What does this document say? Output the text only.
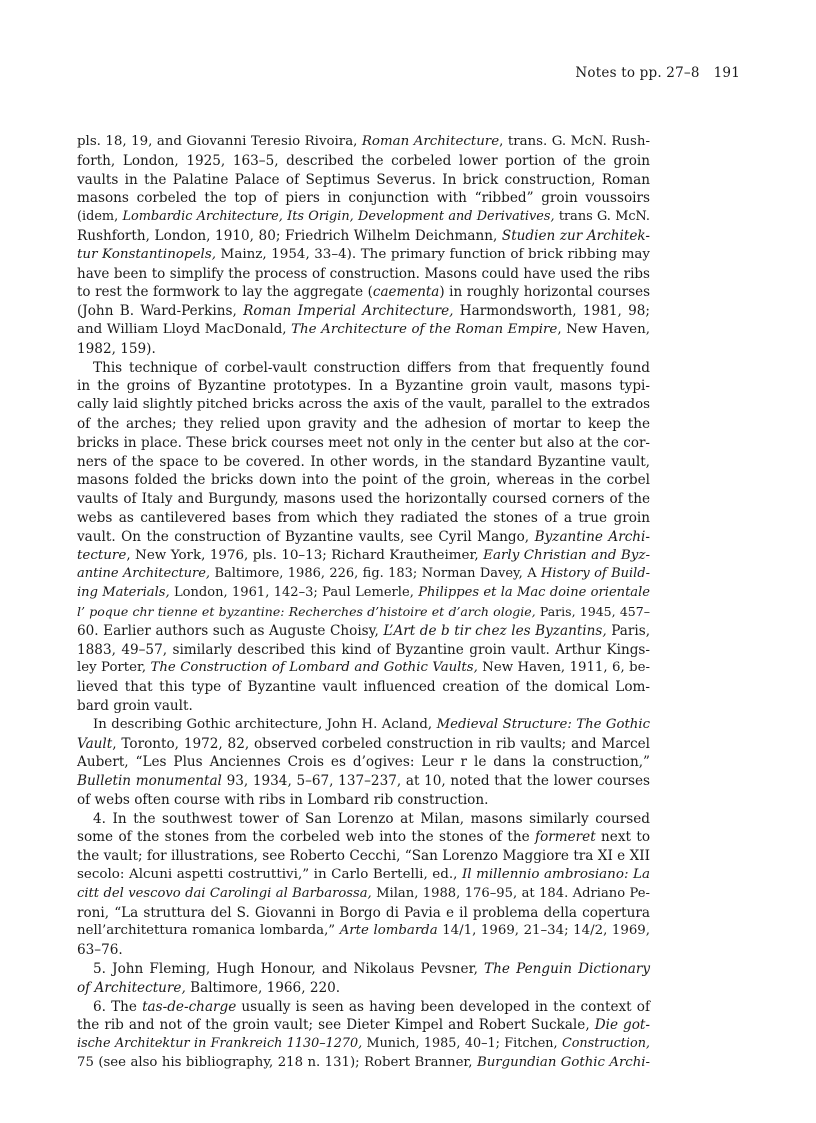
Notes to pp. 27–8 191
pls. 18, 19, and Giovanni Teresio Rivoira, Roman Architecture, trans. G. McN. Rush-
forth, London, 1925, 163–5, described the corbeled lower portion of the groin
vaults in the Palatine Palace of Septimus Severus. In brick construction, Roman
masons corbeled the top of piers in conjunction with “ribbed” groin voussoirs
(idem, Lombardic Architecture, Its Origin, Development and Derivatives, trans G. McN.
Rushforth, London, 1910, 80; Friedrich Wilhelm Deichmann, Studien zur Architek-
tur Konstantinopels, Mainz, 1954, 33–4). The primary function of brick ribbing may
have been to simplify the process of construction. Masons could have used the ribs
to rest the formwork to lay the aggregate (caementa) in roughly horizontal courses
(John B. Ward-Perkins, Roman Imperial Architecture, Harmondsworth, 1981, 98;
and William Lloyd MacDonald, The Architecture of the Roman Empire, New Haven,
1982, 159).
This technique of corbel-vault construction differs from that frequently found
in the groins of Byzantine prototypes. In a Byzantine groin vault, masons typi-
cally laid slightly pitched bricks across the axis of the vault, parallel to the extrados
of the arches; they relied upon gravity and the adhesion of mortar to keep the
bricks in place. These brick courses meet not only in the center but also at the cor-
ners of the space to be covered. In other words, in the standard Byzantine vault,
masons folded the bricks down into the point of the groin, whereas in the corbel
vaults of Italy and Burgundy, masons used the horizontally coursed corners of the
webs as cantilevered bases from which they radiated the stones of a true groin
vault. On the construction of Byzantine vaults, see Cyril Mango, Byzantine Archi-
tecture, New York, 1976, pls. 10–13; Richard Krautheimer, Early Christian and Byz-
antine Architecture, Baltimore, 1986, 226, fig. 183; Norman Davey, A History of Build-
ing Materials, London, 1961, 142–3; Paul Lemerle, Philippes et la Mac doine orientale
l’ poque chr tienne et byzantine: Recherches d’histoire et d’arch ologie, Paris, 1945, 457–
60. Earlier authors such as Auguste Choisy, L’Art de b tir chez les Byzantins, Paris,
1883, 49–57, similarly described this kind of Byzantine groin vault. Arthur Kings-
ley Porter, The Construction of Lombard and Gothic Vaults, New Haven, 1911, 6, be-
lieved that this type of Byzantine vault influenced creation of the domical Lom-
bard groin vault.
In describing Gothic architecture, John H. Acland, Medieval Structure: The Gothic
Vault, Toronto, 1972, 82, observed corbeled construction in rib vaults; and Marcel
Aubert, “Les Plus Anciennes Crois es d’ogives: Leur r le dans la construction,”
Bulletin monumental 93, 1934, 5–67, 137–237, at 10, noted that the lower courses
of webs often course with ribs in Lombard rib construction.
4. In the southwest tower of San Lorenzo at Milan, masons similarly coursed
some of the stones from the corbeled web into the stones of the formeret next to
the vault; for illustrations, see Roberto Cecchi, “San Lorenzo Maggiore tra XI e XII
secolo: Alcuni aspetti costruttivi,” in Carlo Bertelli, ed., Il millennio ambrosiano: La
citt del vescovo dai Carolingi al Barbarossa, Milan, 1988, 176–95, at 184. Adriano Pe-
roni, “La struttura del S. Giovanni in Borgo di Pavia e il problema della copertura
nell’architettura romanica lombarda,” Arte lombarda 14/1, 1969, 21–34; 14/2, 1969,
63–76.
5. John Fleming, Hugh Honour, and Nikolaus Pevsner, The Penguin Dictionary
of Architecture, Baltimore, 1966, 220.
6. The tas-de-charge usually is seen as having been developed in the context of
the rib and not of the groin vault; see Dieter Kimpel and Robert Suckale, Die got-
ische Architektur in Frankreich 1130–1270, Munich, 1985, 40–1; Fitchen, Construction,
75 (see also his bibliography, 218 n. 131); Robert Branner, Burgundian Gothic Archi-
